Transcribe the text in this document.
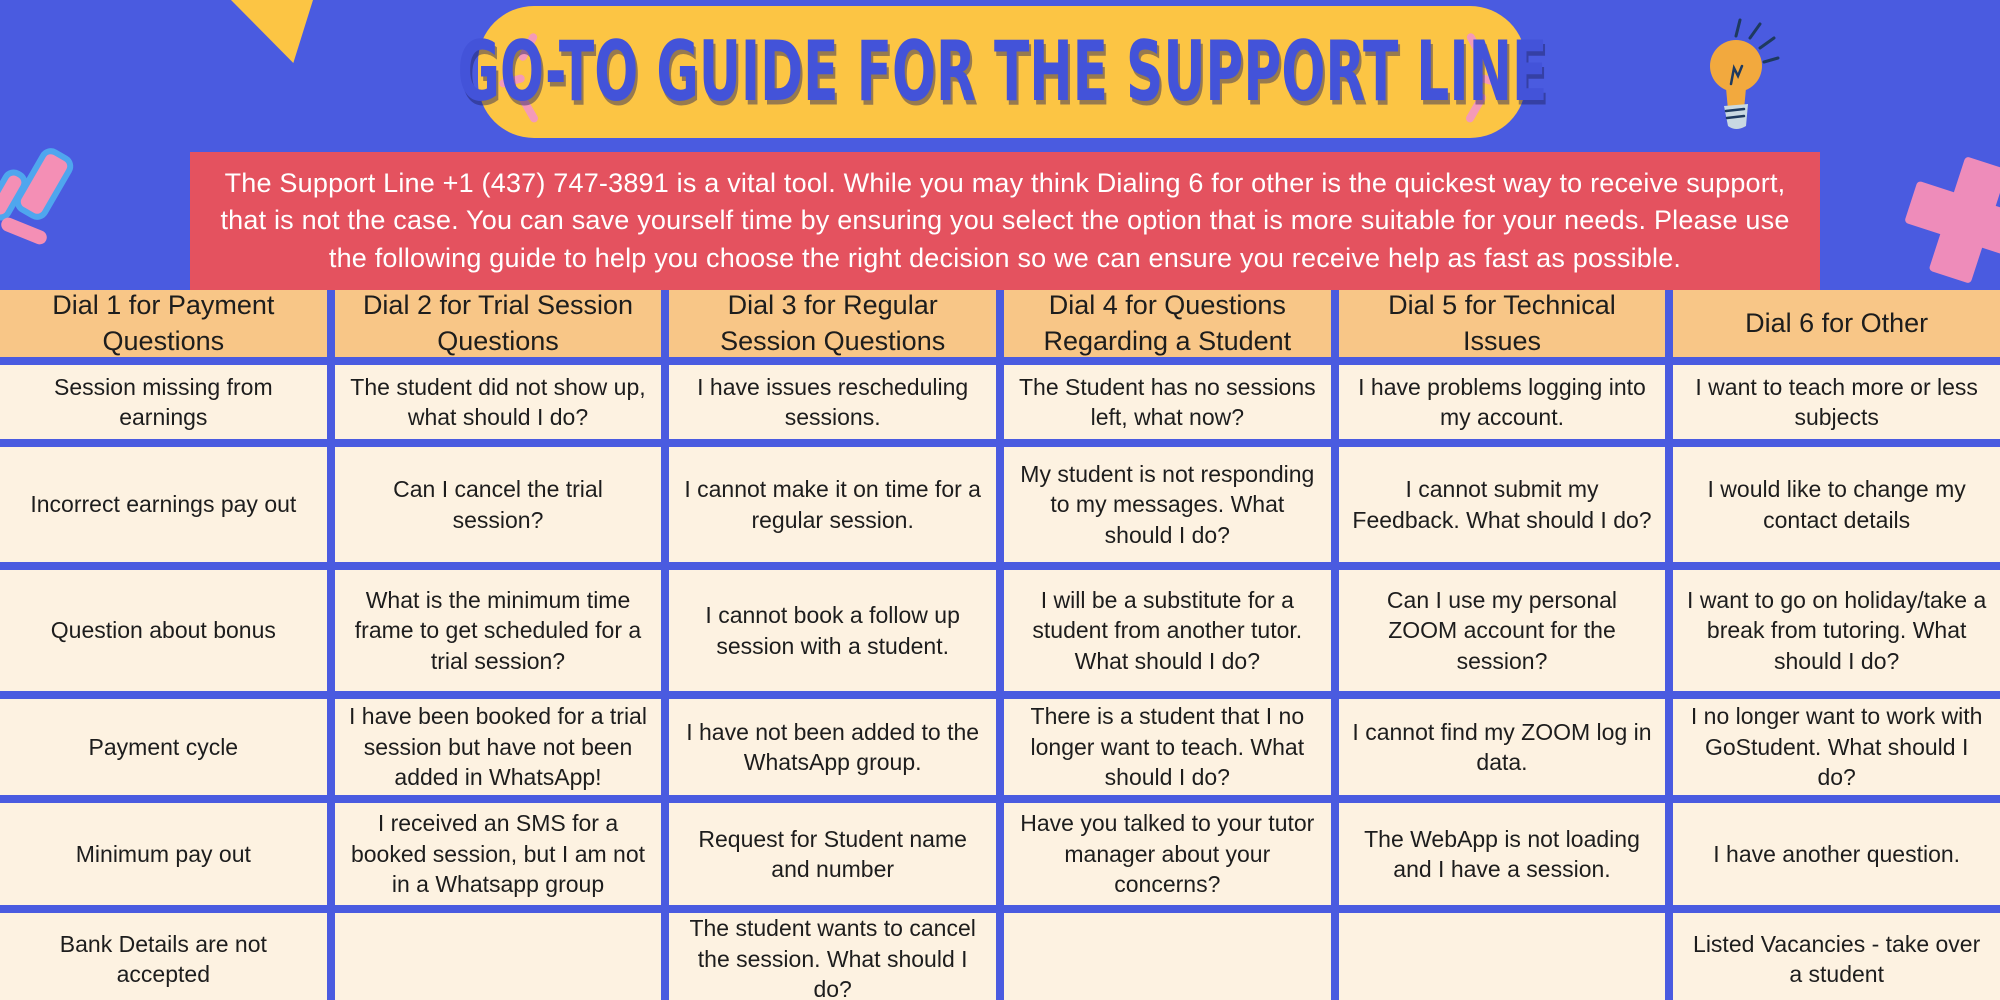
GO-TO GUIDE FOR THE SUPPORT LINE
The Support Line +1 (437) 747-3891 is a vital tool. While you may think Dialing 6 for other is the quickest way to receive support, that is not the case. You can save yourself time by ensuring you select the option that is more suitable for your needs. Please use the following guide to help you choose the right decision so we can ensure you receive help as fast as possible.
Dial 1 for Payment Questions
Dial 2 for Trial Session Questions
Dial 3 for Regular Session Questions
Dial 4 for Questions Regarding a Student
Dial 5 for Technical Issues
Dial 6 for Other
Session missing from earnings
The student did not show up, what should I do?
I have issues rescheduling sessions.
The Student has no sessions left, what now?
I have problems logging into my account.
I want to teach more or less subjects
Incorrect earnings pay out
Can I cancel the trial session?
I cannot make it on time for a regular session.
My student is not responding to my messages. What should I do?
I cannot submit my Feedback. What should I do?
I would like to change my contact details
Question about bonus
What is the minimum time frame to get scheduled for a trial session?
I cannot book a follow up session with a student.
I will be a substitute for a student from another tutor. What should I do?
Can I use my personal ZOOM account for the session?
I want to go on holiday/take a break from tutoring. What should I do?
Payment cycle
I have been booked for a trial session but have not been added in WhatsApp!
I have not been added to the WhatsApp group.
There is a student that I no longer want to teach. What should I do?
I cannot find my ZOOM log in data.
I no longer want to work with GoStudent. What should I do?
Minimum pay out
I received an SMS for a booked session, but I am not in a Whatsapp group
Request for Student name and number
Have you talked to your tutor manager about your concerns?
The WebApp is not loading and I have a session.
I have another question.
Bank Details are not accepted
The student wants to cancel the session. What should I do?
Listed Vacancies - take over a student
